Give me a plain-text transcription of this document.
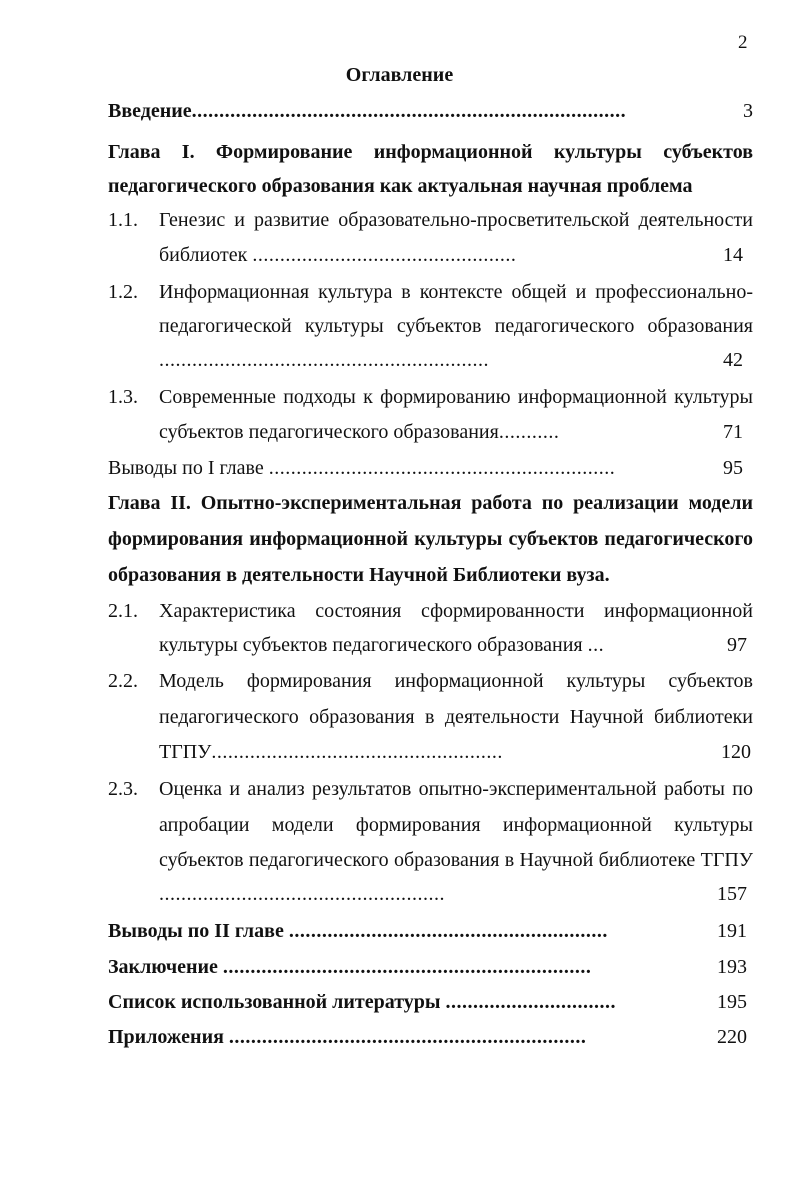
2
Оглавление
Введение...............................................................................	3
Глава I. Формирование информационной культуры субъектов
педагогического образования как актуальная научная проблема
1.1. Генезис и развитие образовательно-просветительской деятельности
библиотек ................................................	14
1.2. Информационная культура в контексте общей и профессионально-
педагогической культуры субъектов педагогического образования
............................................................	42
1.3. Современные подходы к формированию информационной культуры
субъектов педагогического образования...........	71
Выводы по I главе ...............................................................	95
Глава II. Опытно-экспериментальная работа по реализации модели
формирования информационной культуры субъектов педагогического
образования в деятельности Научной Библиотеки вуза.
2.1. Характеристика состояния сформированности информационной
культуры субъектов педагогического образования ...	97
2.2. Модель формирования информационной культуры субъектов
педагогического образования в деятельности Научной библиотеки
ТГПУ.....................................................	120
2.3. Оценка и анализ результатов опытно-экспериментальной работы по
апробации модели формирования информационной культуры
субъектов педагогического образования в Научной библиотеке ТГПУ
....................................................	157
Выводы по II главе ..........................................................	191
Заключение ...................................................................	193
Список использованной литературы ...............................	195
Приложения .................................................................	220
